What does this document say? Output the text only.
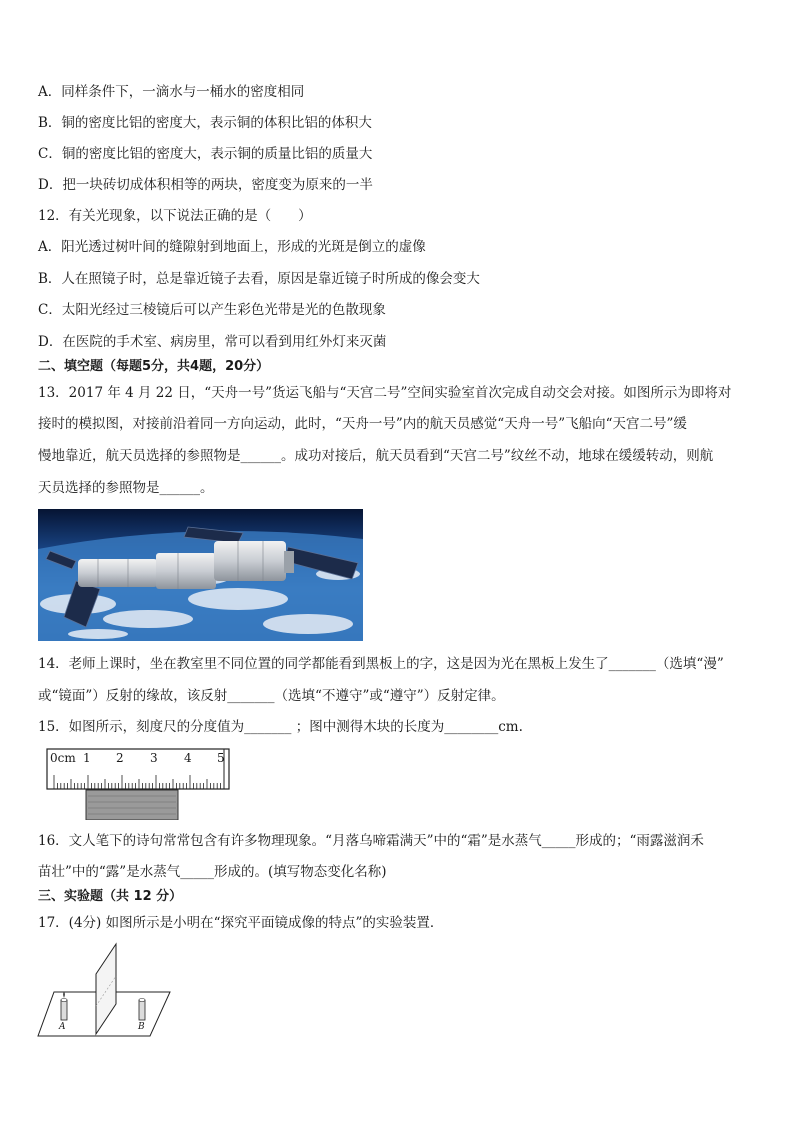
A．同样条件下，一滴水与一桶水的密度相同
B．铜的密度比铝的密度大，表示铜的体积比铝的体积大
C．铜的密度比铝的密度大，表示铜的质量比铝的质量大
D．把一块砖切成体积相等的两块，密度变为原来的一半
12．有关光现象，以下说法正确的是（　　）
A．阳光透过树叶间的缝隙射到地面上，形成的光斑是倒立的虚像
B．人在照镜子时，总是靠近镜子去看，原因是靠近镜子时所成的像会变大
C．太阳光经过三棱镜后可以产生彩色光带是光的色散现象
D．在医院的手术室、病房里，常可以看到用红外灯来灭菌
二、填空题（每题5分，共4题，20分）
13．2017 年 4 月 22 日，“天舟一号”货运飞船与“天宫二号”空间实验室首次完成自动交会对接。如图所示为即将对
接时的模拟图，对接前沿着同一方向运动，此时，“天舟一号”内的航天员感觉“天舟一号”飞船向“天宫二号”缓
慢地靠近，航天员选择的参照物是______。成功对接后，航天员看到“天宫二号”纹丝不动，地球在缓缓转动，则航
天员选择的参照物是______。
14．老师上课时，坐在教室里不同位置的同学都能看到黑板上的字，这是因为光在黑板上发生了_______（选填“漫”
或“镜面”）反射的缘故，该反射_______（选填“不遵守”或“遵守”）反射定律。
15．如图所示，刻度尺的分度值为_______ ；图中测得木块的长度为________cm.
0cm 1 2 3 4 5
16．文人笔下的诗句常常包含有许多物理现象。“月落乌啼霜满天”中的“霜”是水蒸气_____形成的；“雨露滋润禾
苗壮”中的“露”是水蒸气_____形成的。(填写物态变化名称)
三、实验题（共 12 分）
17．(4分) 如图所示是小明在“探究平面镜成像的特点”的实验装置．
A	B
